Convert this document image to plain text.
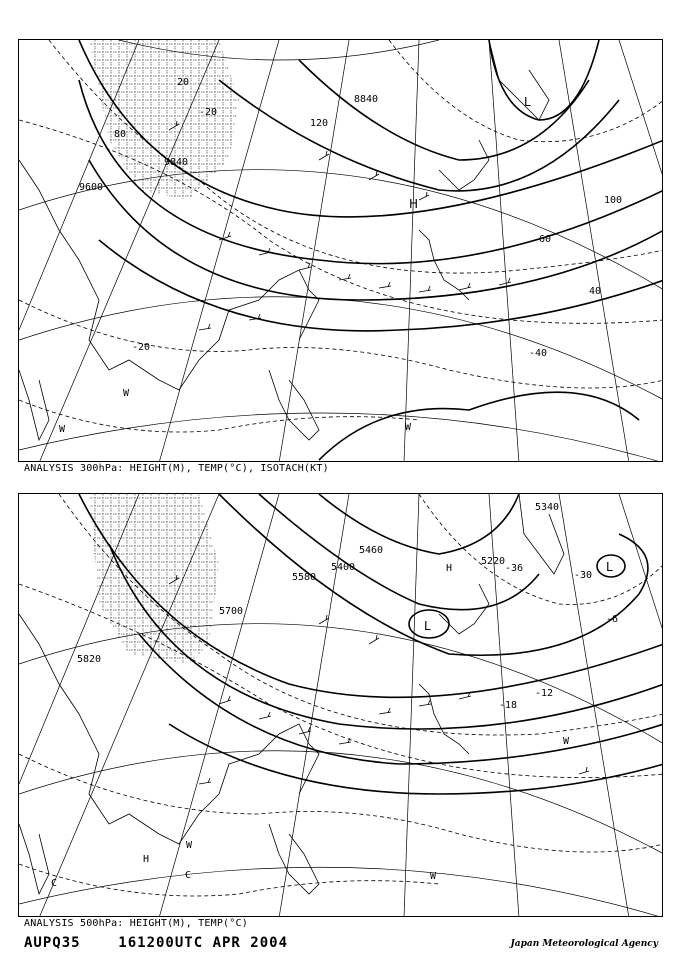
9600
8840
9840
-20
-40
-20
80
100
40
60
120
20
H
L
W
W
W
ANALYSIS 300hPa: HEIGHT(M), TEMP(°C), ISOTACH(KT)
5820
5700
5580
5460
5400
5220
5340
-30
-36
-18
-12
-6
L
L
H
W
W
W
C
C
H
ANALYSIS 500hPa: HEIGHT(M), TEMP(°C)
AUPQ35    161200UTC APR 2004	Japan Meteorological Agency
